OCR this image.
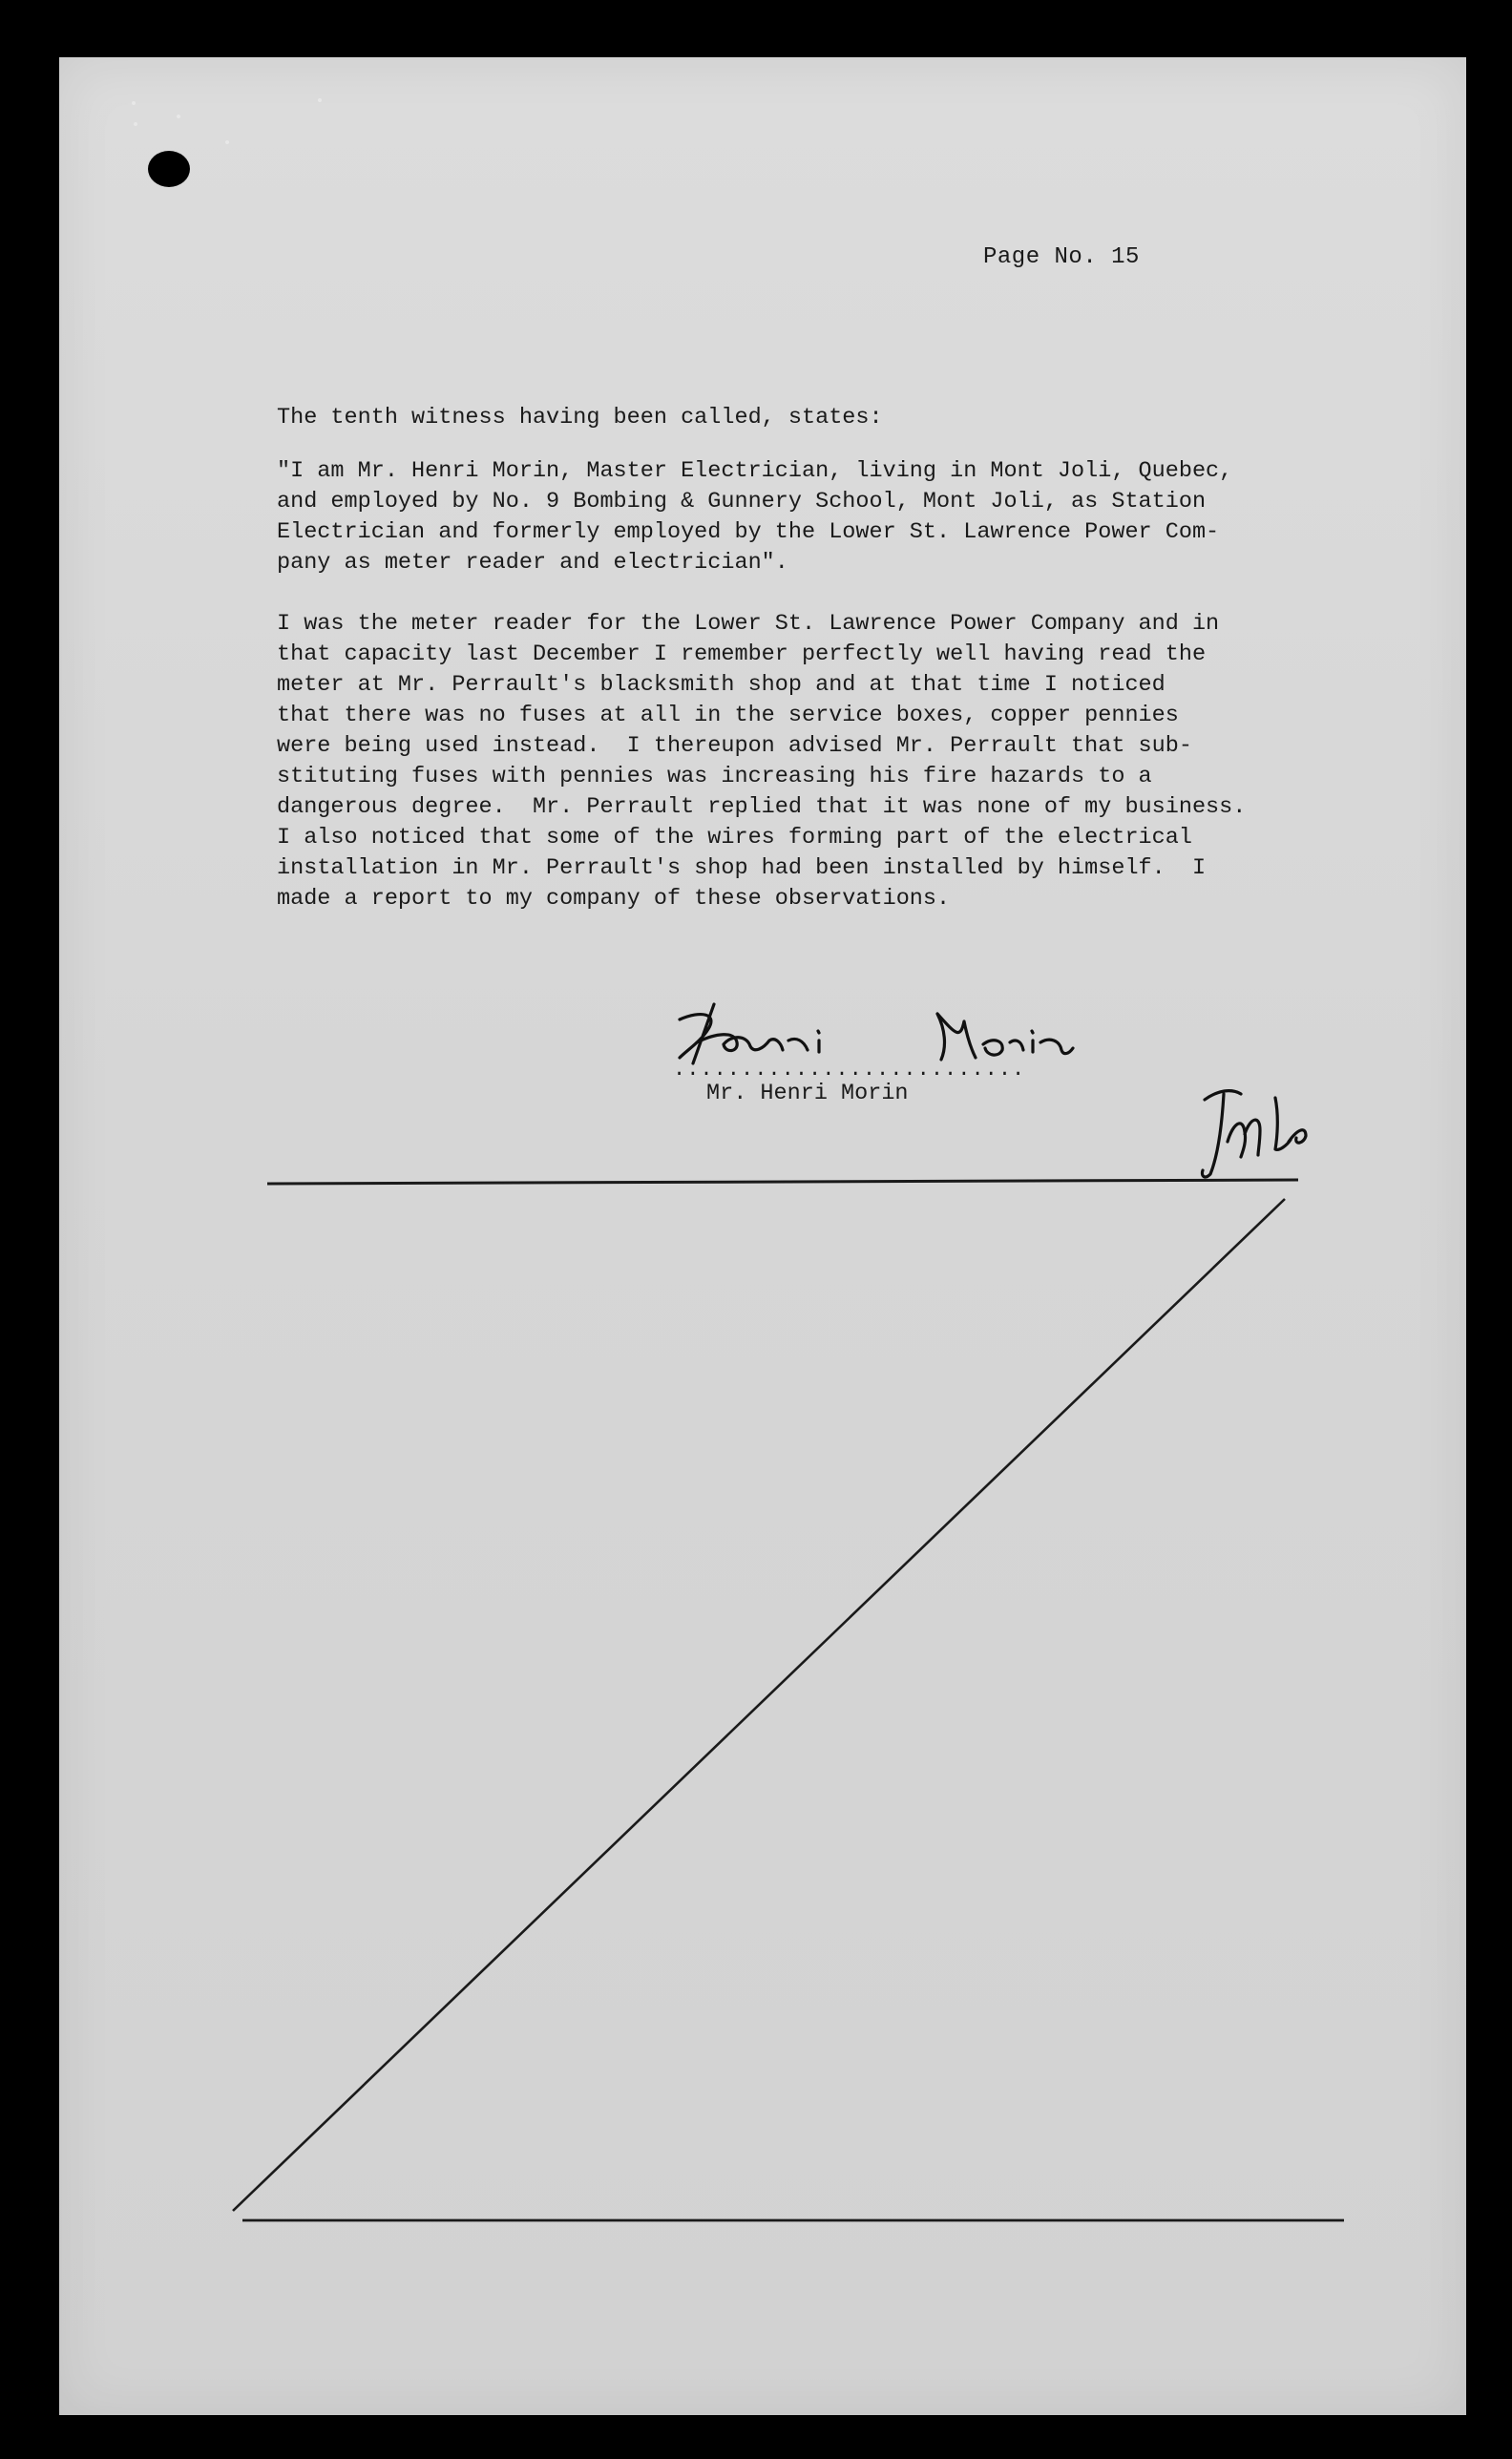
Page No. 15
The tenth witness having been called, states:
"I am Mr. Henri Morin, Master Electrician, living in Mont Joli, Quebec,
and employed by No. 9 Bombing & Gunnery School, Mont Joli, as Station
Electrician and formerly employed by the Lower St. Lawrence Power Com-
pany as meter reader and electrician".
I was the meter reader for the Lower St. Lawrence Power Company and in
that capacity last December I remember perfectly well having read the
meter at Mr. Perrault's blacksmith shop and at that time I noticed
that there was no fuses at all in the service boxes, copper pennies
were being used instead.  I thereupon advised Mr. Perrault that sub-
stituting fuses with pennies was increasing his fire hazards to a
dangerous degree.  Mr. Perrault replied that it was none of my business.
I also noticed that some of the wires forming part of the electrical
installation in Mr. Perrault's shop had been installed by himself.  I
made a report to my company of these observations.
..........................
Mr. Henri Morin
